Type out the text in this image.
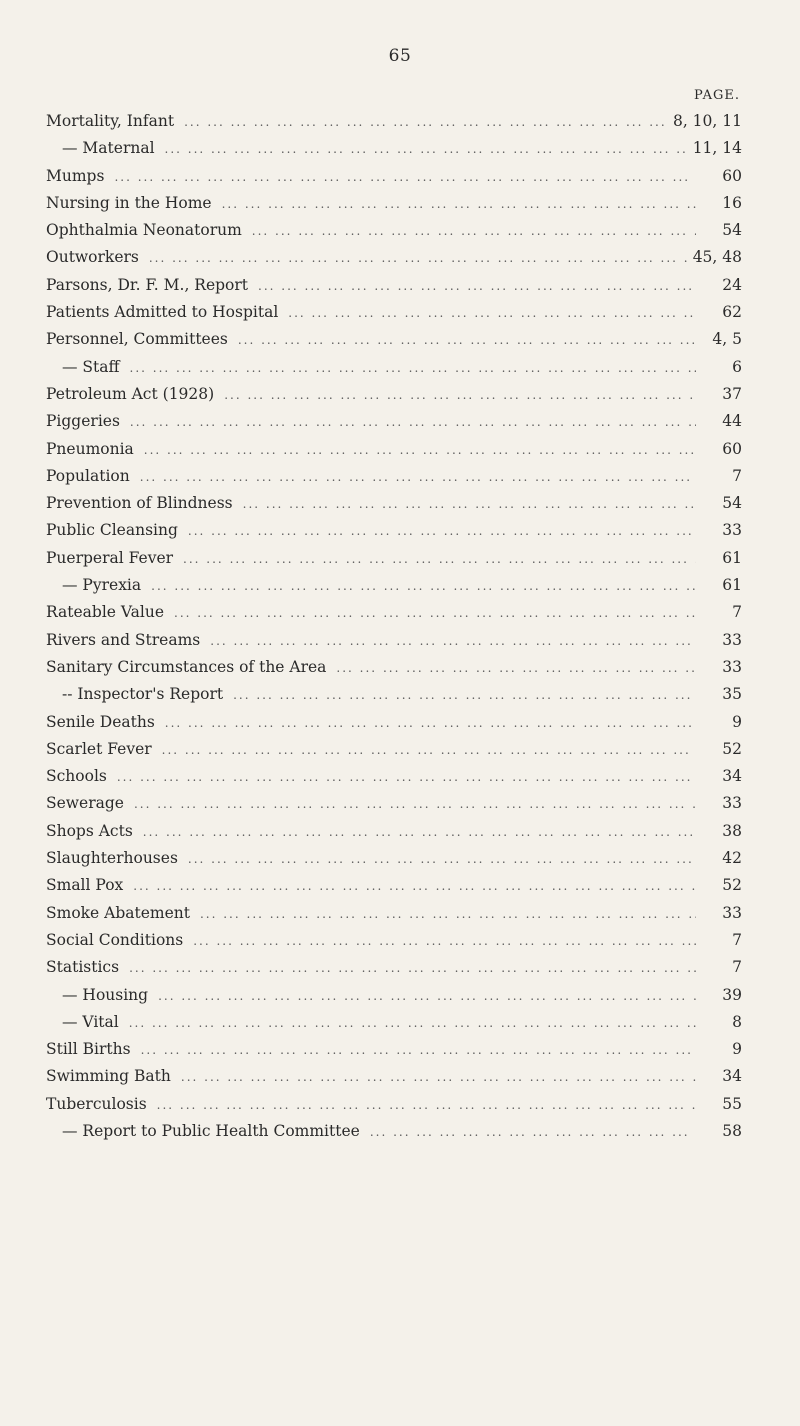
65
PAGE.
Mortality, Infant ... .	8, 10, 11
— Maternal ... .	11, 14
Mumps ... .	60
Nursing in the Home ... .	16
Ophthalmia Neonatorum ... .	54
Outworkers ... .	45, 48
Parsons, Dr. F. M., Report ... .	24
Patients Admitted to Hospital ... .	62
Personnel, Committees ... .	4, 5
— Staff ... .	6
Petroleum Act (1928) ... .	37
Piggeries ... .	44
Pneumonia ... .	60
Population ... .	7
Prevention of Blindness ... .	54
Public Cleansing ... .	33
Puerperal Fever ... .	61
— Pyrexia ... .	61
Rateable Value ... .	7
Rivers and Streams ... .	33
Sanitary Circumstances of the Area ... .	33
-- Inspector's Report ... .	35
Senile Deaths ... .	9
Scarlet Fever ... .	52
Schools ... .	34
Sewerage ... .	33
Shops Acts ... .	38
Slaughterhouses ... .	42
Small Pox ... .	52
Smoke Abatement ... .	33
Social Conditions ... .	7
Statistics ... .	7
— Housing ... .	39
— Vital ... .	8
Still Births ... .	9
Swimming Bath ... .	34
Tuberculosis ... .	55
— Report to Public Health Committee ... .	58
